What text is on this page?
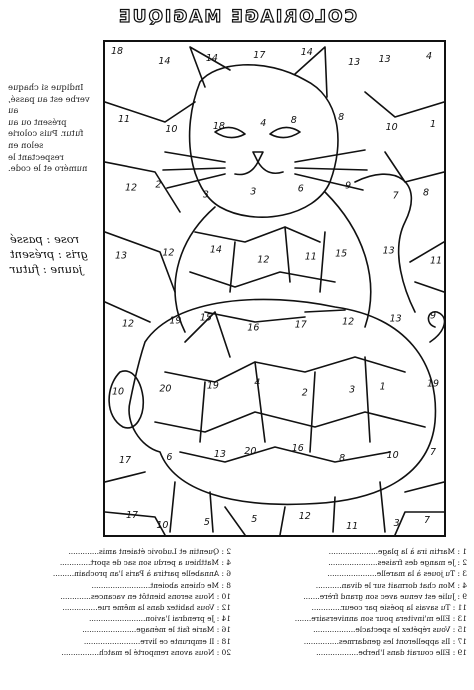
COLORIAGE MAGIQUE
Indique si chaque
verbe est au passé, au
présent ou au
futur. Puis colorie
selon en
respectant le
numéro et le code.
rose : passé
gris : présent
jaune : futur
18
14	14	17	14
13 13	4
11
10	18	4	8	8
10	1
12 2
3	3	6	9
7	8
13	12	14
12	11 15	13
11
12	19 15
16	17	12	13	9
10	20	19	4
2	3	1	19
17	6	13 20	16
8	10	7
17
10	5	5	12
11	3	7
1 : Martin ira à la plage.....................
2 : Je mange des fraises.....................
3 : Tu joues à la marelle.....................
4 : Mon chat dormait sur le divan...........
9 : Julie est venue avec son grand frère.......
11 : Tu savais la poésie par coeur.............
13 : Elle m'invitera pour son anniversaire.......
15 : Vous répétez le spectacle..................
17 : Ils appelleront les gendarmes...............
19 : Elle courait dans l'herbe..................
2 : Quentin et Ludovic étaient amis.............
4 : Matthieu a perdu son sac de sport.............
6 : Annabelle partira à Paris l'an prochain.........
8 : Me chiens aboient.........................
10 : Nous serons bientôt en vacances.............
12 : Vous habitez dans la même rue...............
14 : Je prendrai l'avion........................
16 : Marie fait le ménage.......................
18 : Il emprunte ce livre........................
20 : Nous avons remporté le match................
